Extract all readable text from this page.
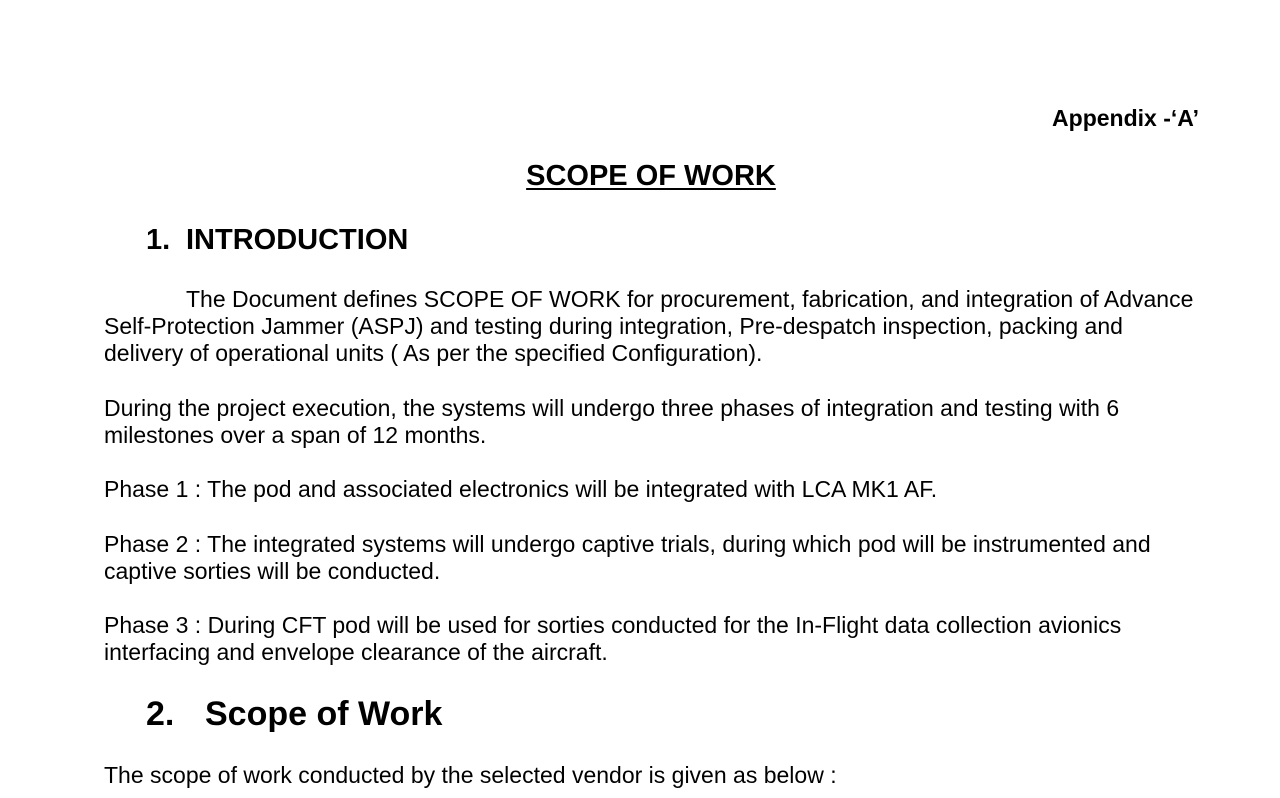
Appendix -‘A’
SCOPE OF WORK
1. INTRODUCTION

The Document defines SCOPE OF WORK for procurement, fabrication, and integration of Advance Self-Protection Jammer (ASPJ) and testing during integration, Pre-despatch inspection, packing and delivery of operational units ( As per the specified Configuration).

During the project execution, the systems will undergo three phases of integration and testing with 6 milestones over a span of 12 months.

Phase 1 : The pod and associated electronics will be integrated with LCA MK1 AF.

Phase 2 : The integrated systems will undergo captive trials, during which pod will be instrumented and captive sorties will be conducted.

Phase 3 : During CFT pod will be used for sorties conducted for the In-Flight data collection avionics interfacing and envelope clearance of the aircraft.

2. Scope of Work

The scope of work conducted by the selected vendor is given as below :
